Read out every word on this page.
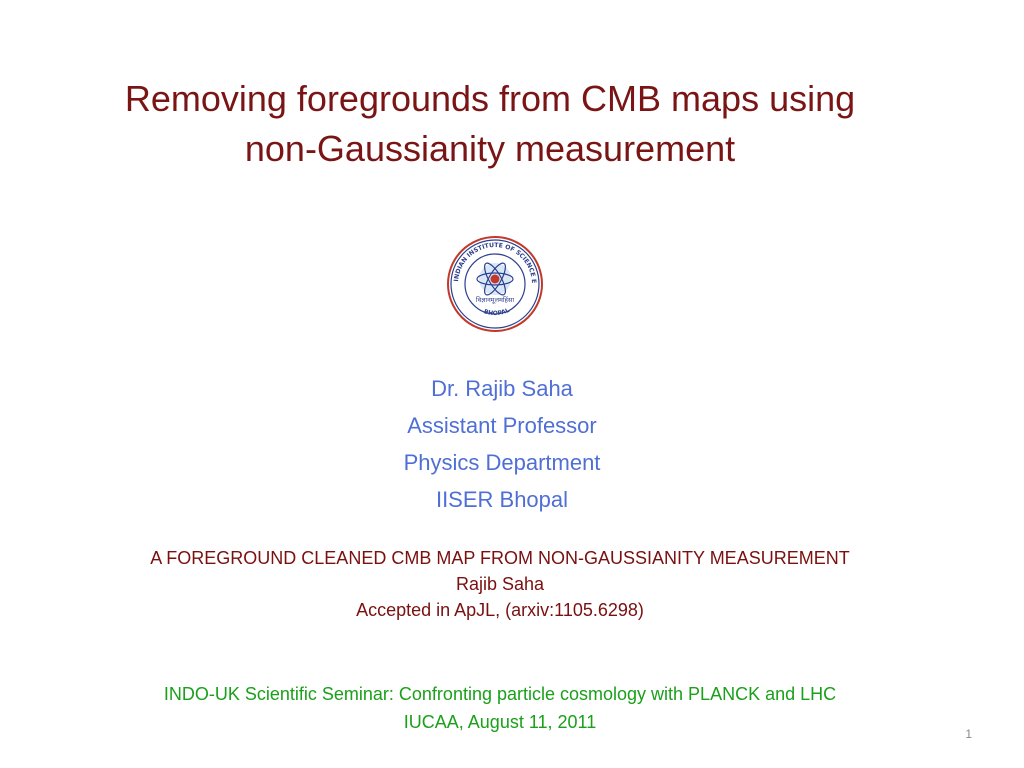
Removing foregrounds from CMB maps using
non-Gaussianity measurement
INDIAN INSTITUTE OF SCIENCE E
BHOPAL
विज्ञानमूलमहिंसा
Dr. Rajib Saha
Assistant Professor
Physics Department
IISER Bhopal
A FOREGROUND CLEANED CMB MAP FROM NON-GAUSSIANITY MEASUREMENT
Rajib Saha
Accepted in ApJL, (arxiv:1105.6298)
INDO-UK Scientific Seminar: Confronting particle cosmology with PLANCK and LHC
IUCAA, August 11, 2011
1
